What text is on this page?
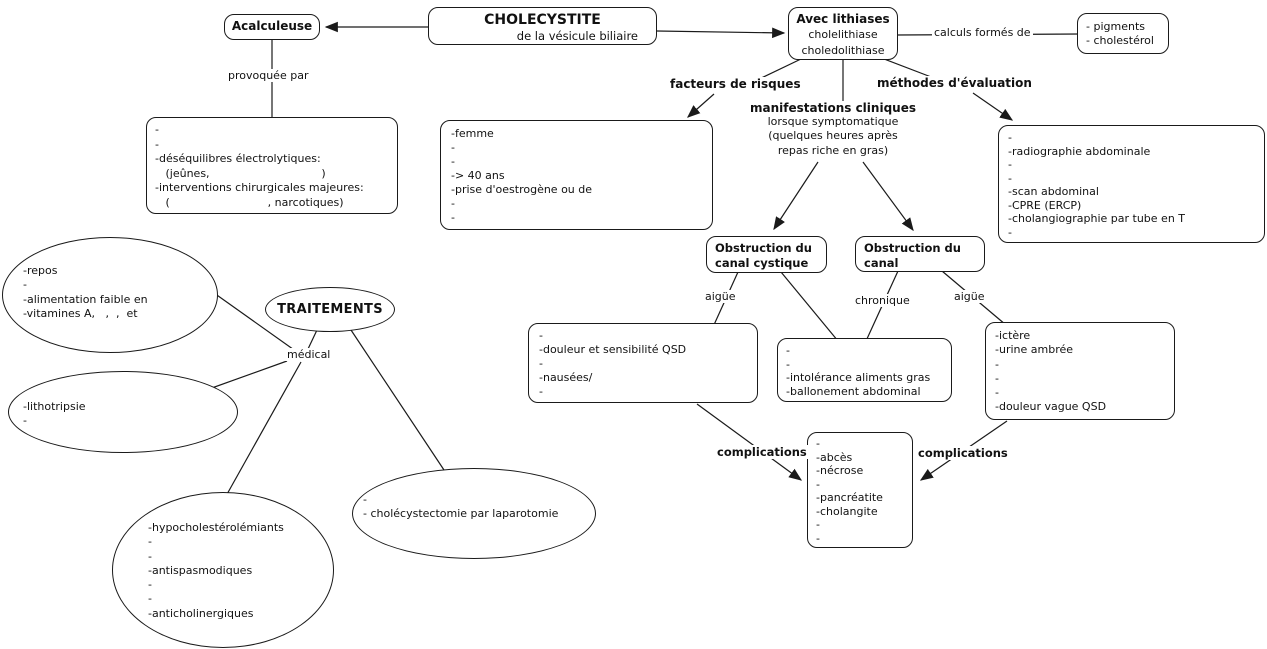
CHOLECYSTITE
de la vésicule biliaire
Acalculeuse
Avec lithiases
cholelithiase
choledolithiase
- pigments
- cholestérol
-
-
-déséquilibres électrolytiques:
(jeûnes,                                )
-interventions chirurgicales majeures:
(                            , narcotiques)
-femme
-
-
-> 40 ans
-prise d'oestrogène ou de
-
-
-
-radiographie abdominale
-
-
-scan abdominal
-CPRE (ERCP)
-cholangiographie par tube en T
-
Obstruction du
canal cystique
Obstruction du
canal
-
-douleur et sensibilité QSD
-
-nausées/
-
-
-
-intolérance aliments gras
-ballonement abdominal
-ictère
-urine ambrée
-
-
-
-douleur vague QSD
-
-abcès
-nécrose
-
-pancréatite
-cholangite
-
-
-repos
-
-alimentation faible en
-vitamines A,   ,  ,  et	TRAITEMENTS
-lithotripsie
-
-hypocholestérolémiants
-
-
-antispasmodiques
-
-
-anticholinergiques
-
- cholécystectomie par laparotomie
provoquée par
calculs formés de
facteurs de risques	méthodes d'évaluation
manifestations cliniques
lorsque symptomatique
(quelques heures après
repas riche en gras)
aigüe	chronique	aigüe
complications	complications
médical
